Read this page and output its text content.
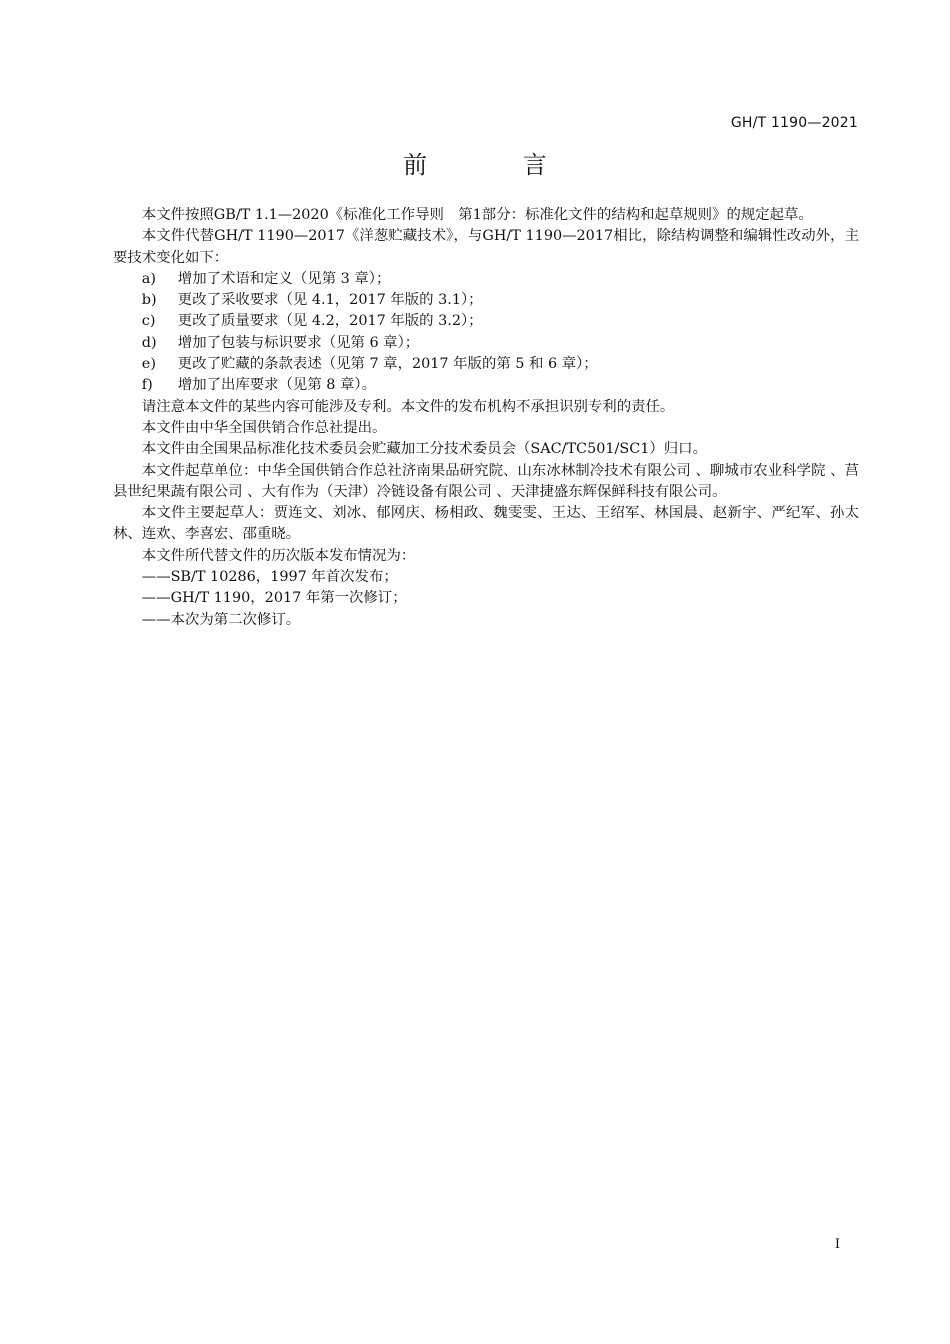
GH/T 1190—2021
前 言

本文件按照GB/T 1.1—2020《标准化工作导则　第1部分：标准化文件的结构和起草规则》的规定起草。

本文件代替GH/T 1190—2017《洋葱贮藏技术》，与GH/T 1190—2017相比，除结构调整和编辑性改动外，主要技术变化如下：

a) 增加了术语和定义（见第 3 章）；

b) 更改了采收要求（见 4.1，2017 年版的 3.1）；

c) 更改了质量要求（见 4.2，2017 年版的 3.2）；

d) 增加了包装与标识要求（见第 6 章）；

e) 更改了贮藏的条款表述（见第 7 章，2017 年版的第 5 和 6 章）；

f) 增加了出库要求（见第 8 章）。

请注意本文件的某些内容可能涉及专利。本文件的发布机构不承担识别专利的责任。

本文件由中华全国供销合作总社提出。

本文件由全国果品标准化技术委员会贮藏加工分技术委员会（SAC/TC501/SC1）归口。

本文件起草单位：中华全国供销合作总社济南果品研究院、山东冰林制冷技术有限公司 、聊城市农业科学院 、莒县世纪果蔬有限公司 、大有作为（天津）冷链设备有限公司 、天津捷盛东辉保鲜科技有限公司。

本文件主要起草人：贾连文、刘冰、郁网庆、杨相政、魏雯雯、王达、王绍军、林国晨、赵新宇、严纪军、孙太林、连欢、李喜宏、邵重晓。

本文件所代替文件的历次版本发布情况为：

——SB/T 10286，1997 年首次发布；

——GH/T 1190，2017 年第一次修订；

——本次为第二次修订。

I
